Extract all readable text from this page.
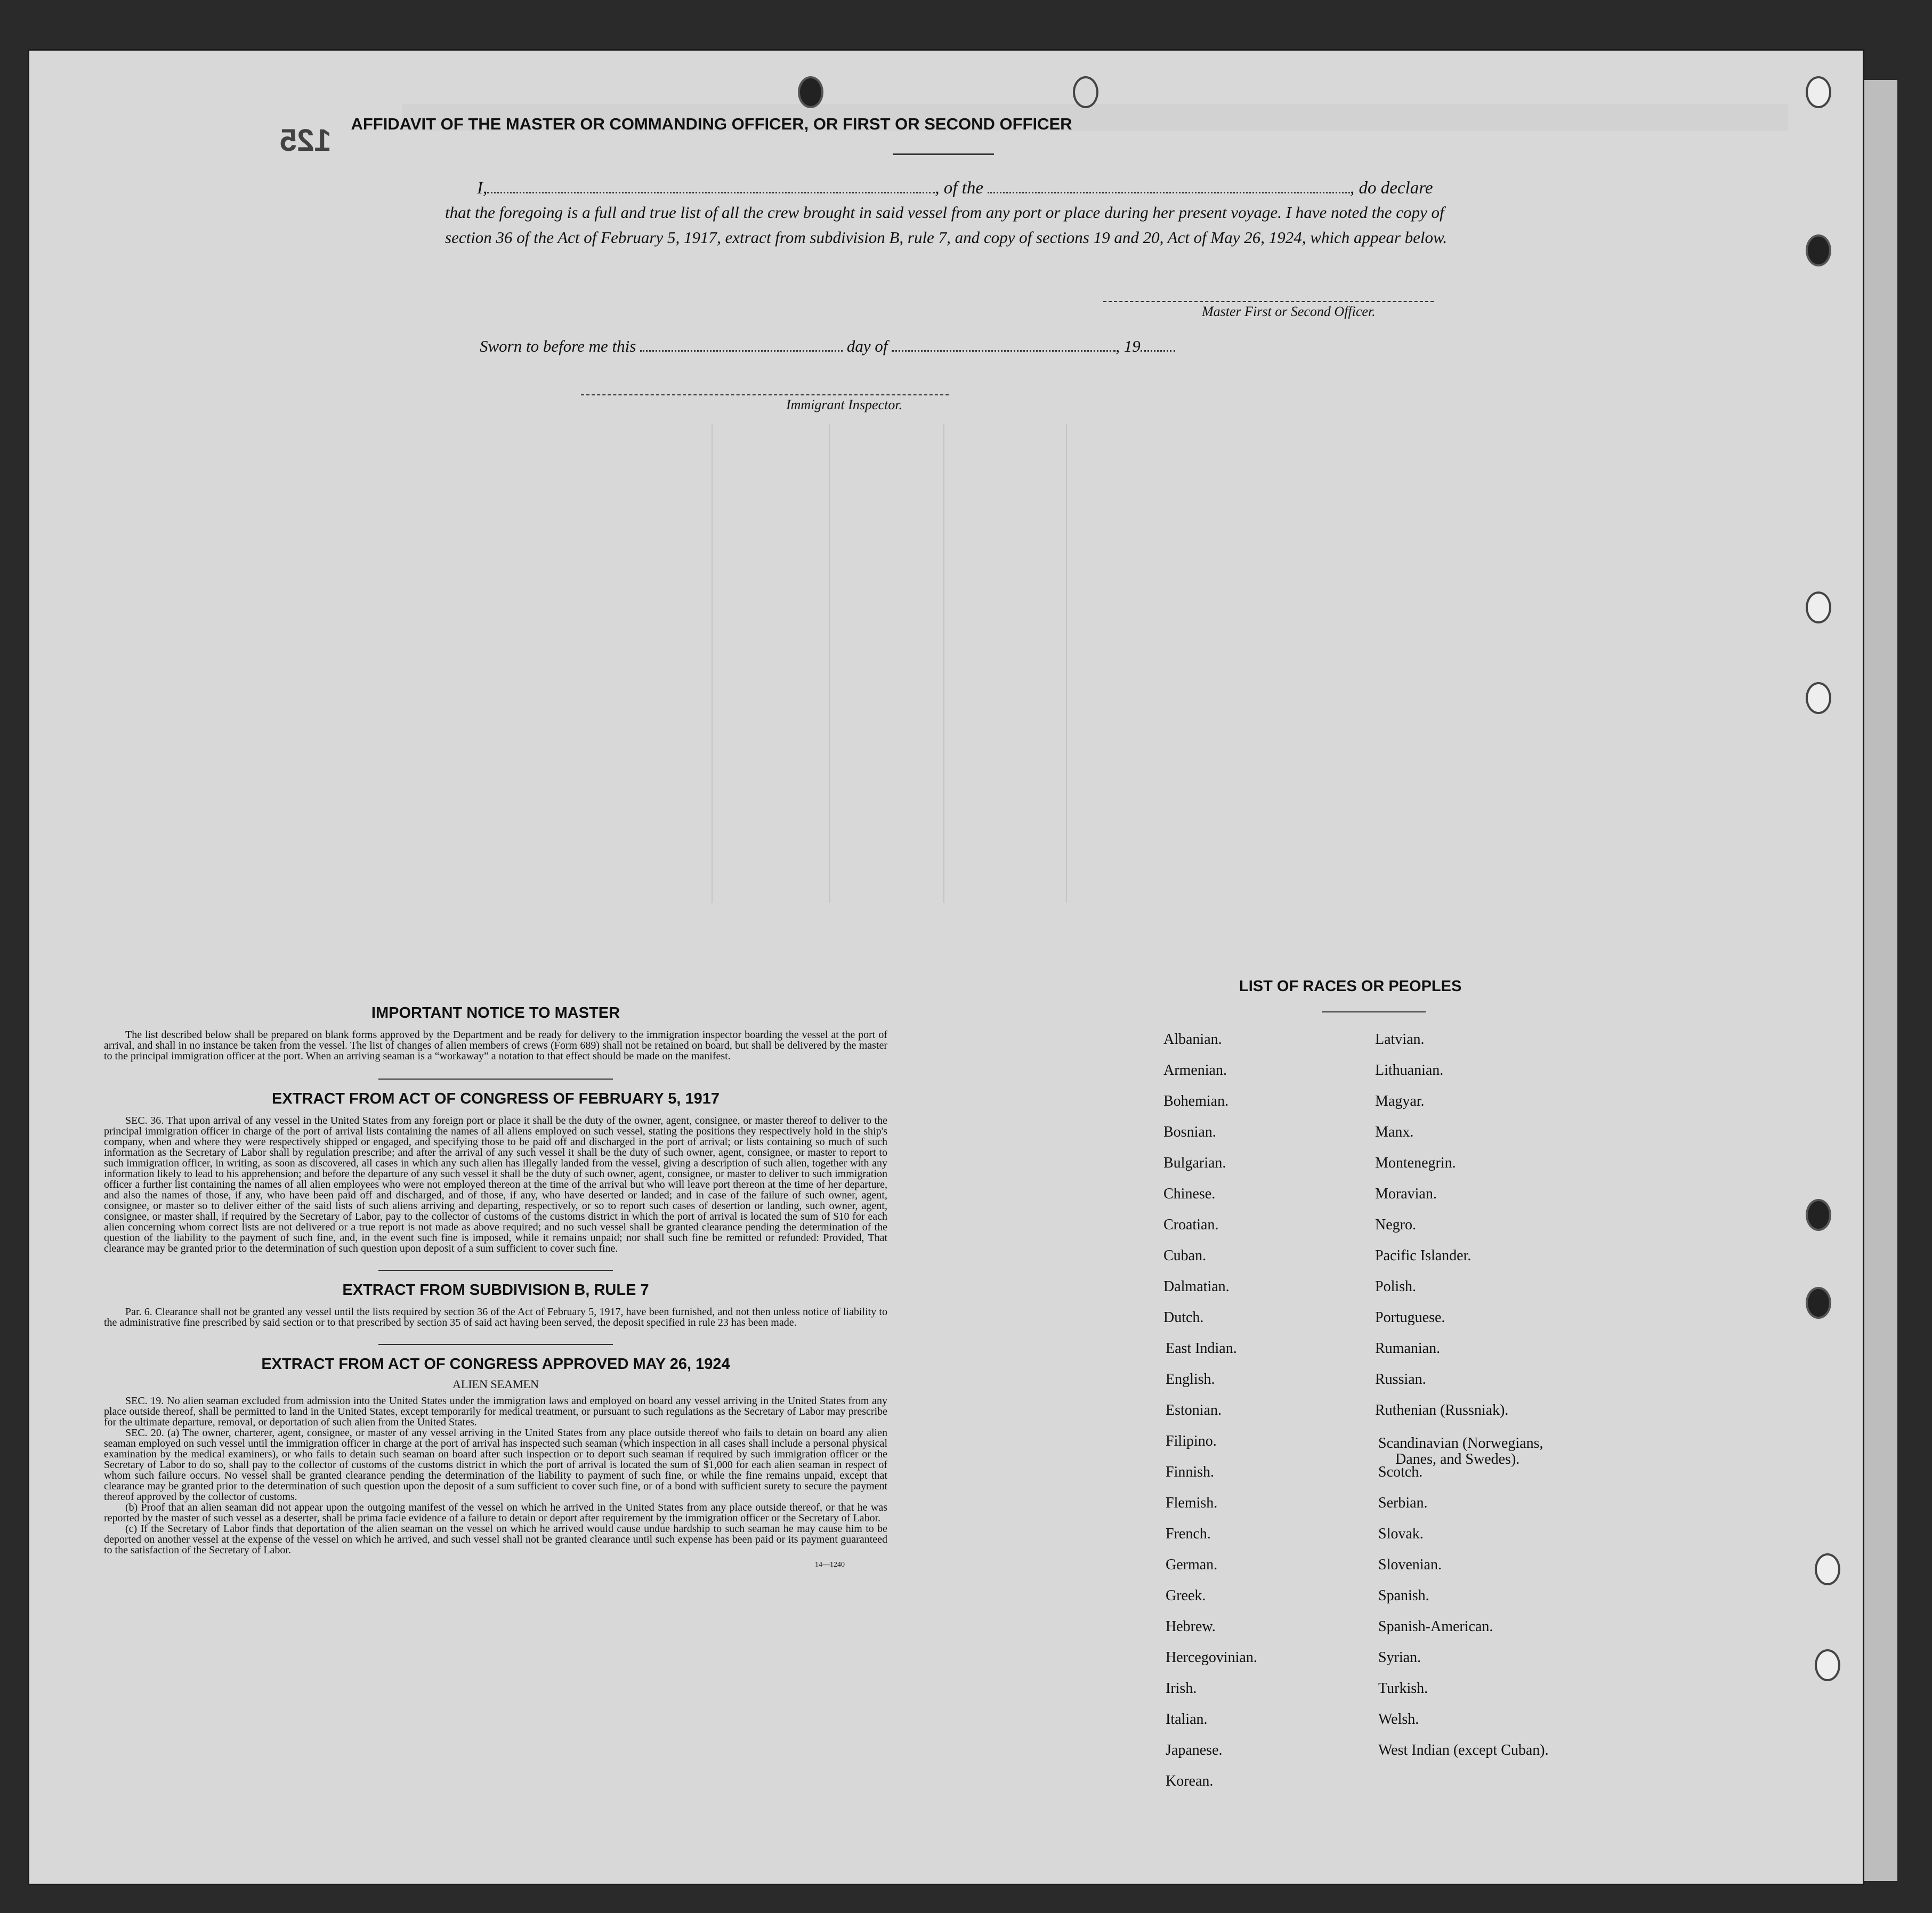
125	AFFIDAVIT OF THE MASTER OR COMMANDING OFFICER, OR FIRST OR SECOND OFFICER
I,	, of the	, do declare
that the foregoing is a full and true list of all the crew brought in said vessel from any port or place during her present voyage. I have noted the copy of section 36 of the Act of February 5, 1917, extract from subdivision B, rule 7, and copy of sections 19 and 20, Act of May 26, 1924, which appear below.
Master First or Second Officer.
Sworn to before me this	day of	, 19
Immigrant Inspector.
IMPORTANT NOTICE TO MASTER

The list described below shall be prepared on blank forms approved by the Department and be ready for delivery to the immigration inspector boarding the vessel at the port of arrival, and shall in no instance be taken from the vessel. The list of changes of alien members of crews (Form 689) shall not be retained on board, but shall be delivered by the master to the principal immigration officer at the port. When an arriving seaman is a “workaway” a notation to that effect should be made on the manifest.

EXTRACT FROM ACT OF CONGRESS OF FEBRUARY 5, 1917

SEC. 36. That upon arrival of any vessel in the United States from any foreign port or place it shall be the duty of the owner, agent, consignee, or master thereof to deliver to the principal immigration officer in charge of the port of arrival lists containing the names of all aliens employed on such vessel, stating the positions they respectively hold in the ship's company, when and where they were respectively shipped or engaged, and specifying those to be paid off and discharged in the port of arrival; or lists containing so much of such information as the Secretary of Labor shall by regulation prescribe; and after the arrival of any such vessel it shall be the duty of such owner, agent, consignee, or master to report to such immigration officer, in writing, as soon as discovered, all cases in which any such alien has illegally landed from the vessel, giving a description of such alien, together with any information likely to lead to his apprehension; and before the departure of any such vessel it shall be the duty of such owner, agent, consignee, or master to deliver to such immigration officer a further list containing the names of all alien employees who were not employed thereon at the time of the arrival but who will leave port thereon at the time of her departure, and also the names of those, if any, who have been paid off and discharged, and of those, if any, who have deserted or landed; and in case of the failure of such owner, agent, consignee, or master so to deliver either of the said lists of such aliens arriving and departing, respectively, or so to report such cases of desertion or landing, such owner, agent, consignee, or master shall, if required by the Secretary of Labor, pay to the collector of customs of the customs district in which the port of arrival is located the sum of $10 for each alien concerning whom correct lists are not delivered or a true report is not made as above required; and no such vessel shall be granted clearance pending the determination of the question of the liability to the payment of such fine, and, in the event such fine is imposed, while it remains unpaid; nor shall such fine be remitted or refunded: Provided, That clearance may be granted prior to the determination of such question upon deposit of a sum sufficient to cover such fine.

EXTRACT FROM SUBDIVISION B, RULE 7

Par. 6. Clearance shall not be granted any vessel until the lists required by section 36 of the Act of February 5, 1917, have been furnished, and not then unless notice of liability to the administrative fine prescribed by said section or to that prescribed by section 35 of said act having been served, the deposit specified in rule 23 has been made.

EXTRACT FROM ACT OF CONGRESS APPROVED MAY 26, 1924
ALIEN SEAMEN

SEC. 19. No alien seaman excluded from admission into the United States under the immigration laws and employed on board any vessel arriving in the United States from any place outside thereof, shall be permitted to land in the United States, except temporarily for medical treatment, or pursuant to such regulations as the Secretary of Labor may prescribe for the ultimate departure, removal, or deportation of such alien from the United States.

SEC. 20. (a) The owner, charterer, agent, consignee, or master of any vessel arriving in the United States from any place outside thereof who fails to detain on board any alien seaman employed on such vessel until the immigration officer in charge at the port of arrival has inspected such seaman (which inspection in all cases shall include a personal physical examination by the medical examiners), or who fails to detain such seaman on board after such inspection or to deport such seaman if required by such immigration officer or the Secretary of Labor to do so, shall pay to the collector of customs of the customs district in which the port of arrival is located the sum of $1,000 for each alien seaman in respect of whom such failure occurs. No vessel shall be granted clearance pending the determination of the liability to payment of such fine, or while the fine remains unpaid, except that clearance may be granted prior to the determination of such question upon the deposit of a sum sufficient to cover such fine, or of a bond with sufficient surety to secure the payment thereof approved by the collector of customs.

(b) Proof that an alien seaman did not appear upon the outgoing manifest of the vessel on which he arrived in the United States from any place outside thereof, or that he was reported by the master of such vessel as a deserter, shall be prima facie evidence of a failure to detain or deport after requirement by the immigration officer or the Secretary of Labor.

(c) If the Secretary of Labor finds that deportation of the alien seaman on the vessel on which he arrived would cause undue hardship to such seaman he may cause him to be deported on another vessel at the expense of the vessel on which he arrived, and such vessel shall not be granted clearance until such expense has been paid or its payment guaranteed to the satisfaction of the Secretary of Labor.

14—1240
LIST OF RACES OR PEOPLES
Albanian.
Armenian.
Bohemian.
Bosnian.
Bulgarian.
Chinese.
Croatian.
Cuban.
Dalmatian.
Dutch.
East Indian.
English.
Estonian.
Filipino.
Finnish.
Flemish.
French.
German.
Greek.
Hebrew.
Hercegovinian.
Irish.
Italian.
Japanese.
Korean.
Latvian.
Lithuanian.
Magyar.
Manx.
Montenegrin.
Moravian.
Negro.
Pacific Islander.
Polish.
Portuguese.
Rumanian.
Russian.
Ruthenian (Russniak).
Scandinavian (Norwegians,
Danes, and Swedes).
Scotch.
Serbian.
Slovak.
Slovenian.
Spanish.
Spanish-American.
Syrian.
Turkish.
Welsh.
West Indian (except Cuban).
